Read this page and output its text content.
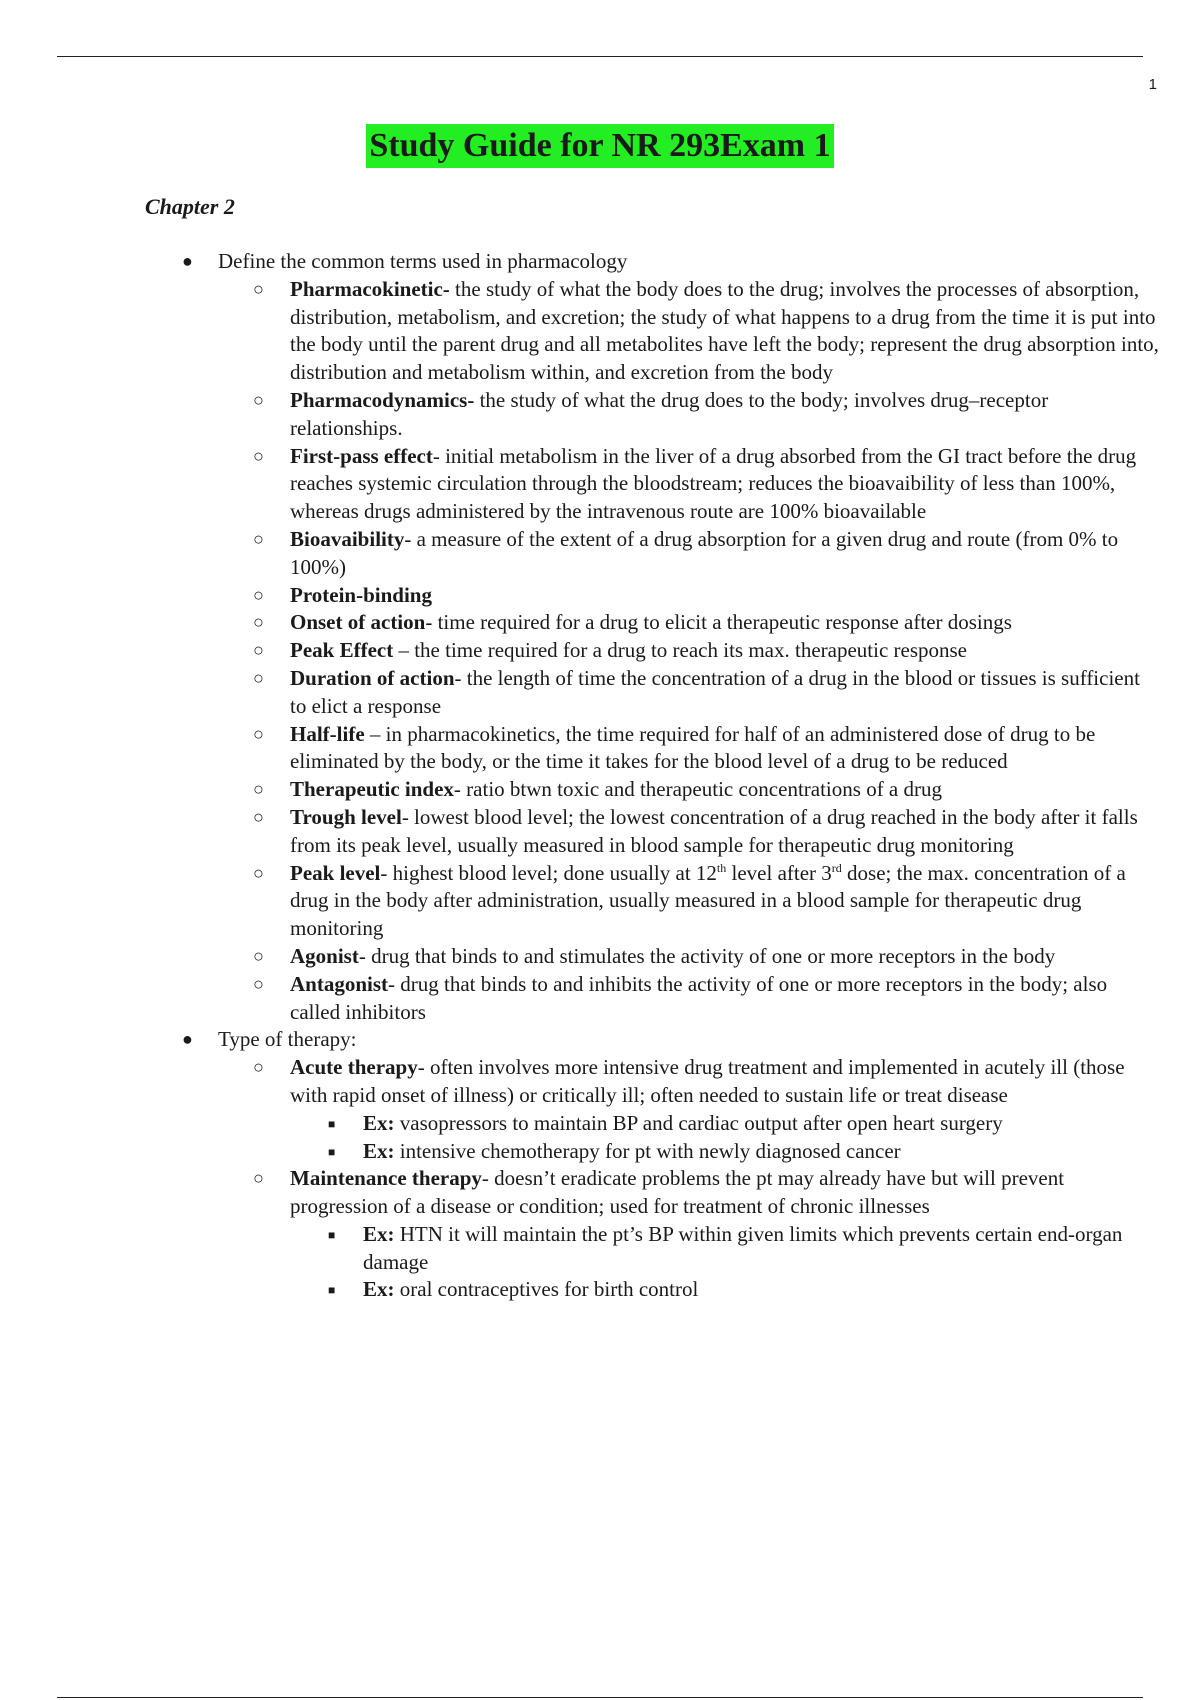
1
Study Guide for NR 293Exam 1
Chapter 2
● Define the common terms used in pharmacology
○ Pharmacokinetic- the study of what the body does to the drug; involves the processes of absorption, distribution, metabolism, and excretion; the study of what happens to a drug from the time it is put into the body until the parent drug and all metabolites have left the body; represent the drug absorption into, distribution and metabolism within, and excretion from the body
○ Pharmacodynamics- the study of what the drug does to the body; involves drug–receptor relationships.
○ First-pass effect- initial metabolism in the liver of a drug absorbed from the GI tract before the drug reaches systemic circulation through the bloodstream; reduces the bioavaibility of less than 100%, whereas drugs administered by the intravenous route are 100% bioavailable
○ Bioavaibility- a measure of the extent of a drug absorption for a given drug and route (from 0% to 100%)
○ Protein-binding
○ Onset of action- time required for a drug to elicit a therapeutic response after dosings
○ Peak Effect – the time required for a drug to reach its max. therapeutic response
○ Duration of action- the length of time the concentration of a drug in the blood or tissues is sufficient to elict a response
○ Half-life – in pharmacokinetics, the time required for half of an administered dose of drug to be eliminated by the body, or the time it takes for the blood level of a drug to be reduced
○ Therapeutic index- ratio btwn toxic and therapeutic concentrations of a drug
○ Trough level- lowest blood level; the lowest concentration of a drug reached in the body after it falls from its peak level, usually measured in blood sample for therapeutic drug monitoring
○ Peak level- highest blood level; done usually at 12th level after 3rd dose; the max. concentration of a drug in the body after administration, usually measured in a blood sample for therapeutic drug monitoring
○ Agonist- drug that binds to and stimulates the activity of one or more receptors in the body
○ Antagonist- drug that binds to and inhibits the activity of one or more receptors in the body; also called inhibitors
● Type of therapy:
○ Acute therapy- often involves more intensive drug treatment and implemented in acutely ill (those with rapid onset of illness) or critically ill; often needed to sustain life or treat disease
■ Ex: vasopressors to maintain BP and cardiac output after open heart surgery
■ Ex: intensive chemotherapy for pt with newly diagnosed cancer
○ Maintenance therapy- doesn’t eradicate problems the pt may already have but will prevent progression of a disease or condition; used for treatment of chronic illnesses
■ Ex: HTN it will maintain the pt’s BP within given limits which prevents certain end-organ damage
■ Ex: oral contraceptives for birth control
